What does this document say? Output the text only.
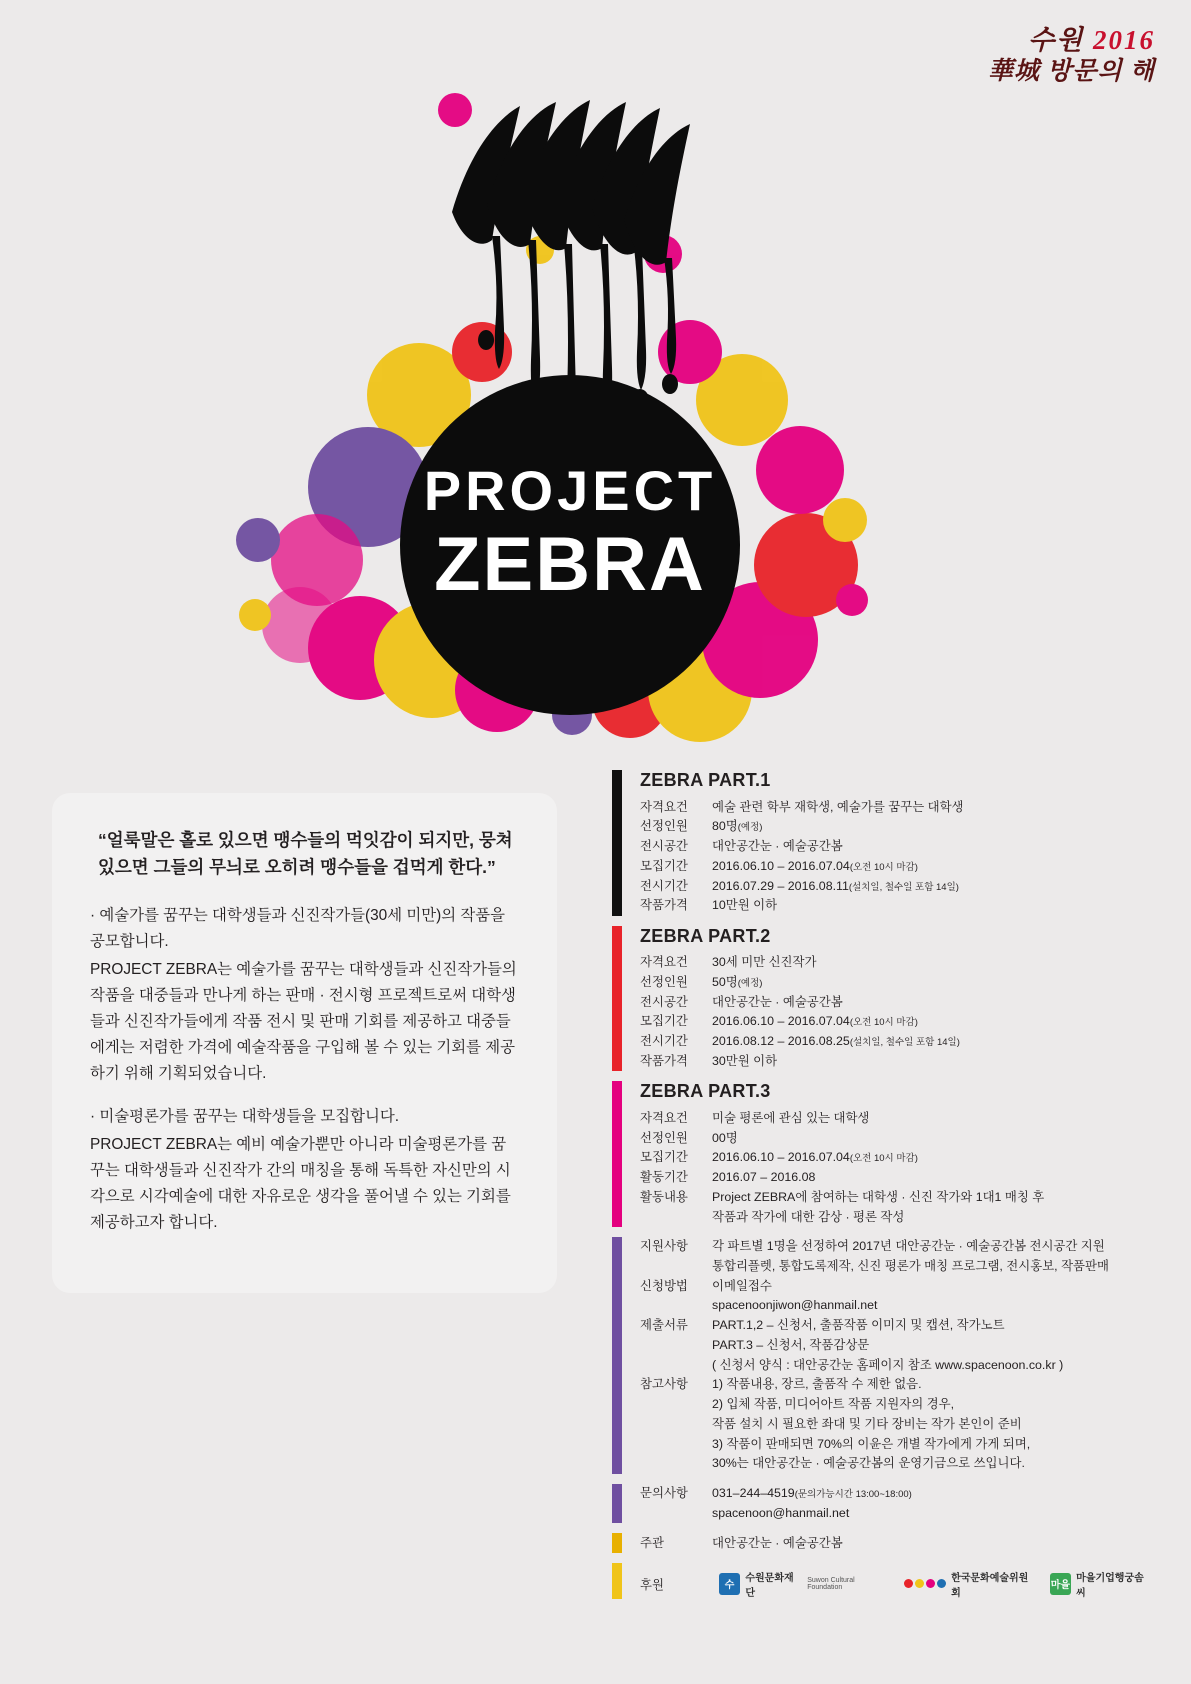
수원 2016
華城 방문의 해
PROJECT
ZEBRA
“얼룩말은 홀로 있으면 맹수들의 먹잇감이 되지만, 뭉쳐있으면 그들의 무늬로 오히려 맹수들을 겁먹게 한다.”
· 예술가를 꿈꾸는 대학생들과 신진작가들(30세 미만)의 작품을 공모합니다.
PROJECT ZEBRA는 예술가를 꿈꾸는 대학생들과 신진작가들의 작품을 대중들과 만나게 하는 판매 · 전시형 프로젝트로써 대학생들과 신진작가들에게 작품 전시 및 판매 기회를 제공하고 대중들에게는 저렴한 가격에 예술작품을 구입해 볼 수 있는 기회를 제공하기 위해 기획되었습니다.
· 미술평론가를 꿈꾸는 대학생들을 모집합니다.
PROJECT ZEBRA는 예비 예술가뿐만 아니라 미술평론가를 꿈꾸는 대학생들과 신진작가 간의 매칭을 통해 독특한 자신만의 시각으로 시각예술에 대한 자유로운 생각을 풀어낼 수 있는 기회를 제공하고자 합니다.
ZEBRA PART.1
자격요건	예술 관련 학부 재학생, 예술가를 꿈꾸는 대학생
선정인원	80명(예정)
전시공간	대안공간눈 · 예술공간봄
모집기간	2016.06.10 – 2016.07.04(오전 10시 마감)
전시기간	2016.07.29 – 2016.08.11(설치일, 철수일 포함 14일)
작품가격	10만원 이하
ZEBRA PART.2
자격요건	30세 미만 신진작가
선정인원	50명(예정)
전시공간	대안공간눈 · 예술공간봄
모집기간	2016.06.10 – 2016.07.04(오전 10시 마감)
전시기간	2016.08.12 – 2016.08.25(설치일, 철수일 포함 14일)
작품가격	30만원 이하
ZEBRA PART.3
자격요건	미술 평론에 관심 있는 대학생
선정인원	00명
모집기간	2016.06.10 – 2016.07.04(오전 10시 마감)
활동기간	2016.07 – 2016.08
활동내용	Project ZEBRA에 참여하는 대학생 · 신진 작가와 1대1 매칭 후
	작품과 작가에 대한 감상 · 평론 작성
지원사항	각 파트별 1명을 선정하여 2017년 대안공간눈 · 예술공간봄 전시공간 지원
	통합리플렛, 통합도록제작, 신진 평론가 매칭 프로그램, 전시홍보, 작품판매
신청방법	이메일접수
	spacenoonjiwon@hanmail.net
제출서류	PART.1,2 – 신청서, 출품작품 이미지 및 캡션, 작가노트
	PART.3 – 신청서, 작품감상문
	( 신청서 양식 : 대안공간눈 홈페이지 참조 www.spacenoon.co.kr )
참고사항	1) 작품내용, 장르, 출품작 수 제한 없음.
	2) 입체 작품, 미디어아트 작품 지원자의 경우,
	작품 설치 시 필요한 좌대 및 기타 장비는 작가 본인이 준비
	3) 작품이 판매되면 70%의 이윤은 개별 작가에게 가게 되며,
	30%는 대안공간눈 · 예술공간봄의 운영기금으로 쓰입니다.
문의사항	031–244–4519(문의가능시간 13:00~18:00)
	spacenoon@hanmail.net
주관	대안공간눈 · 예술공간봄
후원	수
수원문화재단
Suwon Cultural Foundation
한국문화예술위원회
마을
마을기업행궁솜씨
